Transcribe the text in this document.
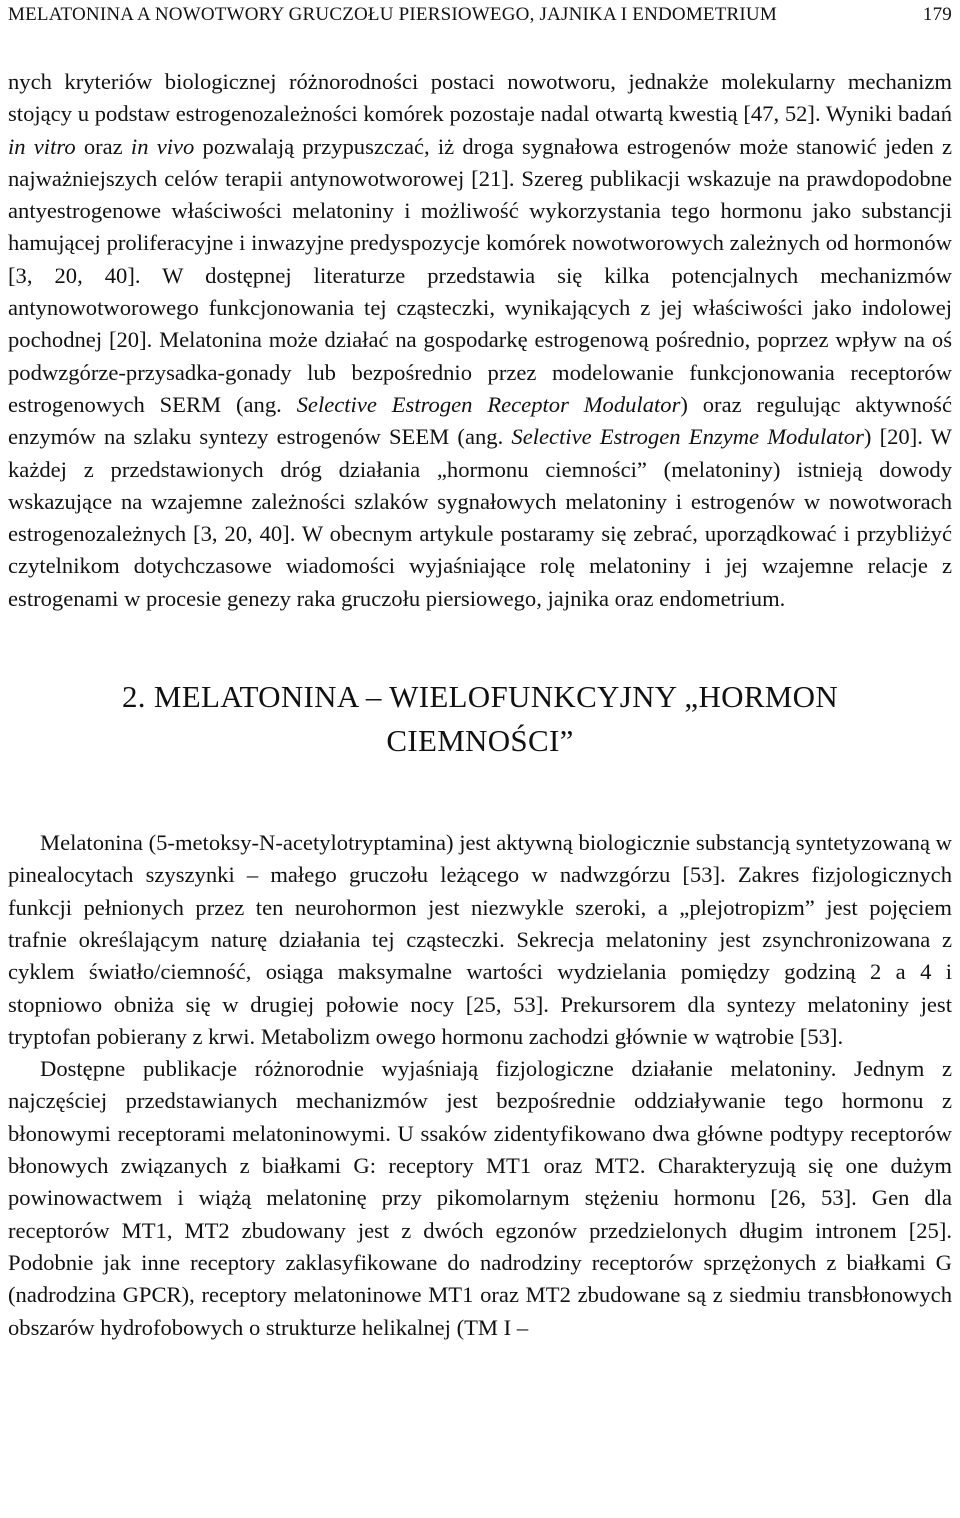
MELATONINA A NOWOTWORY GRUCZOŁU PIERSIOWEGO, JAJNIKA I ENDOMETRIUM	179

nych kryteriów biologicznej różnorodności postaci nowotworu, jednakże molekularny mechanizm stojący u podstaw estrogenozależności komórek pozostaje nadal otwartą kwestią [47, 52]. Wyniki badań in vitro oraz in vivo pozwalają przypuszczać, iż droga sygnałowa estrogenów może stanowić jeden z najważniejszych celów terapii antynowotworowej [21]. Szereg publikacji wskazuje na prawdopodobne antyestrogenowe właściwości melatoniny i możliwość wykorzystania tego hormonu jako substancji hamującej proliferacyjne i inwazyjne predyspozycje komórek nowotworowych zależnych od hormonów [3, 20, 40]. W dostępnej literaturze przedstawia się kilka potencjalnych mechanizmów antynowotworowego funkcjonowania tej cząsteczki, wynikających z jej właściwości jako indolowej pochodnej [20]. Melatonina może działać na gospodarkę estrogenową pośrednio, poprzez wpływ na oś podwzgórze-przysadka-gonady lub bezpośrednio przez modelowanie funkcjonowania receptorów estrogenowych SERM (ang. Selective Estrogen Receptor Modulator) oraz regulując aktywność enzymów na szlaku syntezy estrogenów SEEM (ang. Selective Estrogen Enzyme Modulator) [20]. W każdej z przedstawionych dróg działania „hormonu ciemności” (melatoniny) istnieją dowody wskazujące na wzajemne zależności szlaków sygnałowych melatoniny i estrogenów w nowotworach estrogenozależnych [3, 20, 40]. W obecnym artykule postaramy się zebrać, uporządkować i przybliżyć czytelnikom dotychczasowe wiadomości wyjaśniające rolę melatoniny i jej wzajemne relacje z estrogenami w procesie genezy raka gruczołu piersiowego, jajnika oraz endometrium.

2. MELATONINA – WIELOFUNKCYJNY „HORMON CIEMNOŚCI”

Melatonina (5-metoksy-N-acetylotryptamina) jest aktywną biologicznie substancją syntetyzowaną w pinealocytach szyszynki – małego gruczołu leżącego w nadwzgórzu [53]. Zakres fizjologicznych funkcji pełnionych przez ten neurohormon jest niezwykle szeroki, a „plejotropizm” jest pojęciem trafnie określającym naturę działania tej cząsteczki. Sekrecja melatoniny jest zsynchronizowana z cyklem światło/ciemność, osiąga maksymalne wartości wydzielania pomiędzy godziną 2 a 4 i stopniowo obniża się w drugiej połowie nocy [25, 53]. Prekursorem dla syntezy melatoniny jest tryptofan pobierany z krwi. Metabolizm owego hormonu zachodzi głównie w wątrobie [53].

Dostępne publikacje różnorodnie wyjaśniają fizjologiczne działanie melatoniny. Jednym z najczęściej przedstawianych mechanizmów jest bezpośrednie oddziaływanie tego hormonu z błonowymi receptorami melatoninowymi. U ssaków zidentyfikowano dwa główne podtypy receptorów błonowych związanych z białkami G: receptory MT1 oraz MT2. Charakteryzują się one dużym powinowactwem i wiążą melatoninę przy pikomolarnym stężeniu hormonu [26, 53]. Gen dla receptorów MT1, MT2 zbudowany jest z dwóch egzonów przedzielonych długim intronem [25]. Podobnie jak inne receptory zaklasyfikowane do nadrodziny receptorów sprzężonych z białkami G (nadrodzina GPCR), receptory melatoninowe MT1 oraz MT2 zbudowane są z siedmiu transbłonowych obszarów hydrofobowych o strukturze helikalnej (TM I –
